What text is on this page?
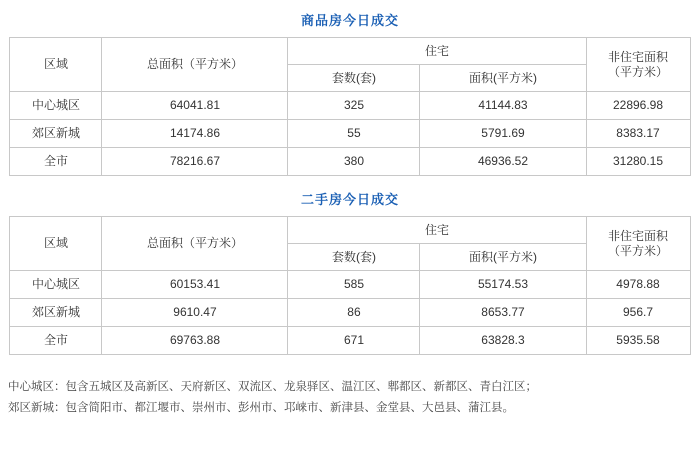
商品房今日成交
区域	总面积（平方米）	住宅		非住宅面积
（平方米）

		套数(套)	面积(平方米)	
中心城区	64041.81	325	41144.83	22896.98
郊区新城	14174.86	55	5791.69	8383.17
全市	78216.67	380	46936.52	31280.15
二手房今日成交
区域	总面积（平方米）	住宅		非住宅面积
（平方米）

		套数(套)	面积(平方米)	
中心城区	60153.41	585	55174.53	4978.88
郊区新城	9610.47	86	8653.77	956.7
全市	69763.88	671	63828.3	5935.58
中心城区：包含五城区及高新区、天府新区、双流区、龙泉驿区、温江区、郫都区、新都区、青白江区；
郊区新城：包含简阳市、都江堰市、崇州市、彭州市、邛崃市、新津县、金堂县、大邑县、蒲江县。
